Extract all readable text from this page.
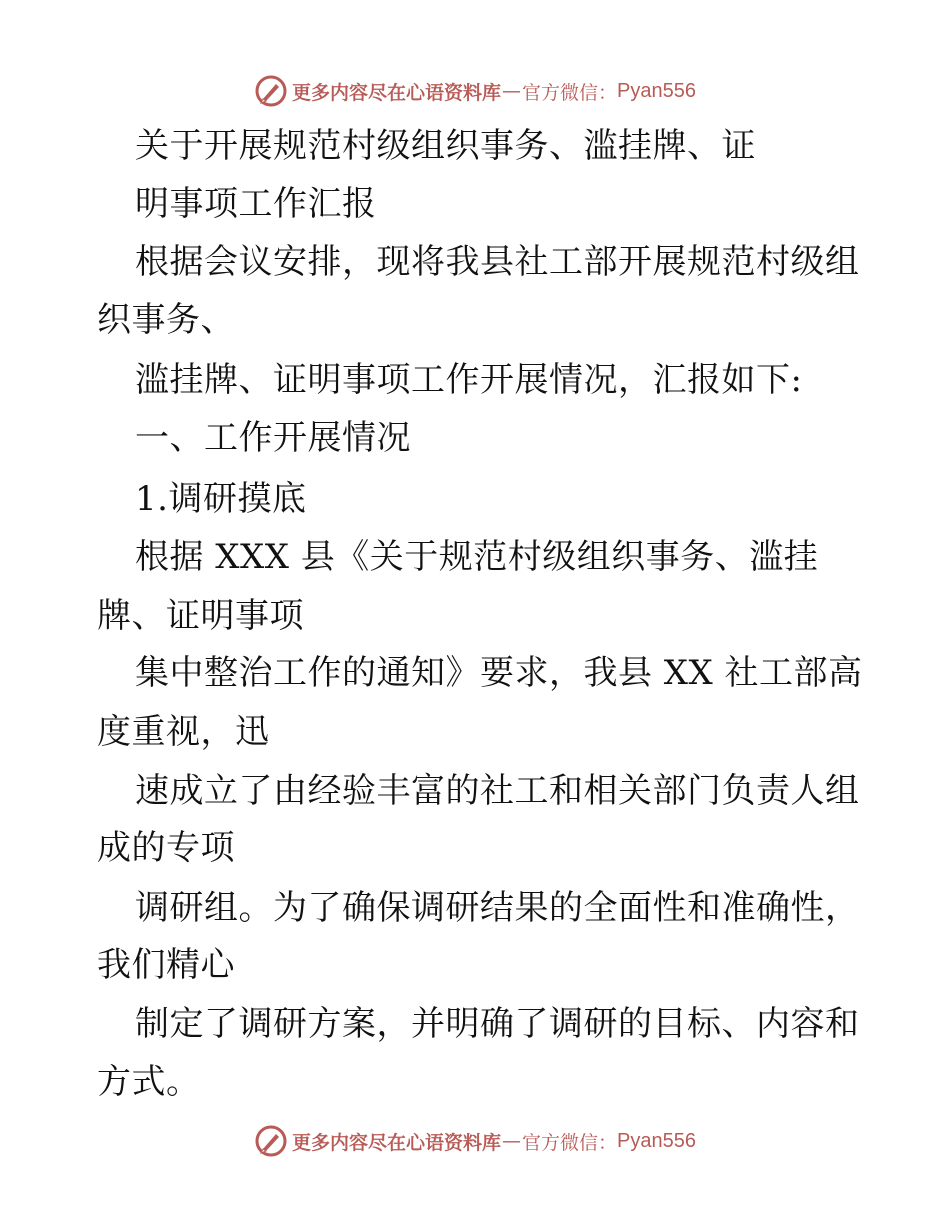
更多内容尽在心语资料库 — 官方微信： Pyan556
关于开展规范村级组织事务、滥挂牌、证
明事项工作汇报
根据会议安排，现将我县社工部开展规范村级组
织事务、
滥挂牌、证明事项工作开展情况，汇报如下:
一、工作开展情况
1.调研摸底
根据 XXX 县《关于规范村级组织事务、滥挂
牌、证明事项
集中整治工作的通知》要求，我县 XX 社工部高
度重视，迅
速成立了由经验丰富的社工和相关部门负责人组
成的专项
调研组。为了确保调研结果的全面性和准确性，
我们精心
制定了调研方案，并明确了调研的目标、内容和
方式。
更多内容尽在心语资料库 — 官方微信： Pyan556
